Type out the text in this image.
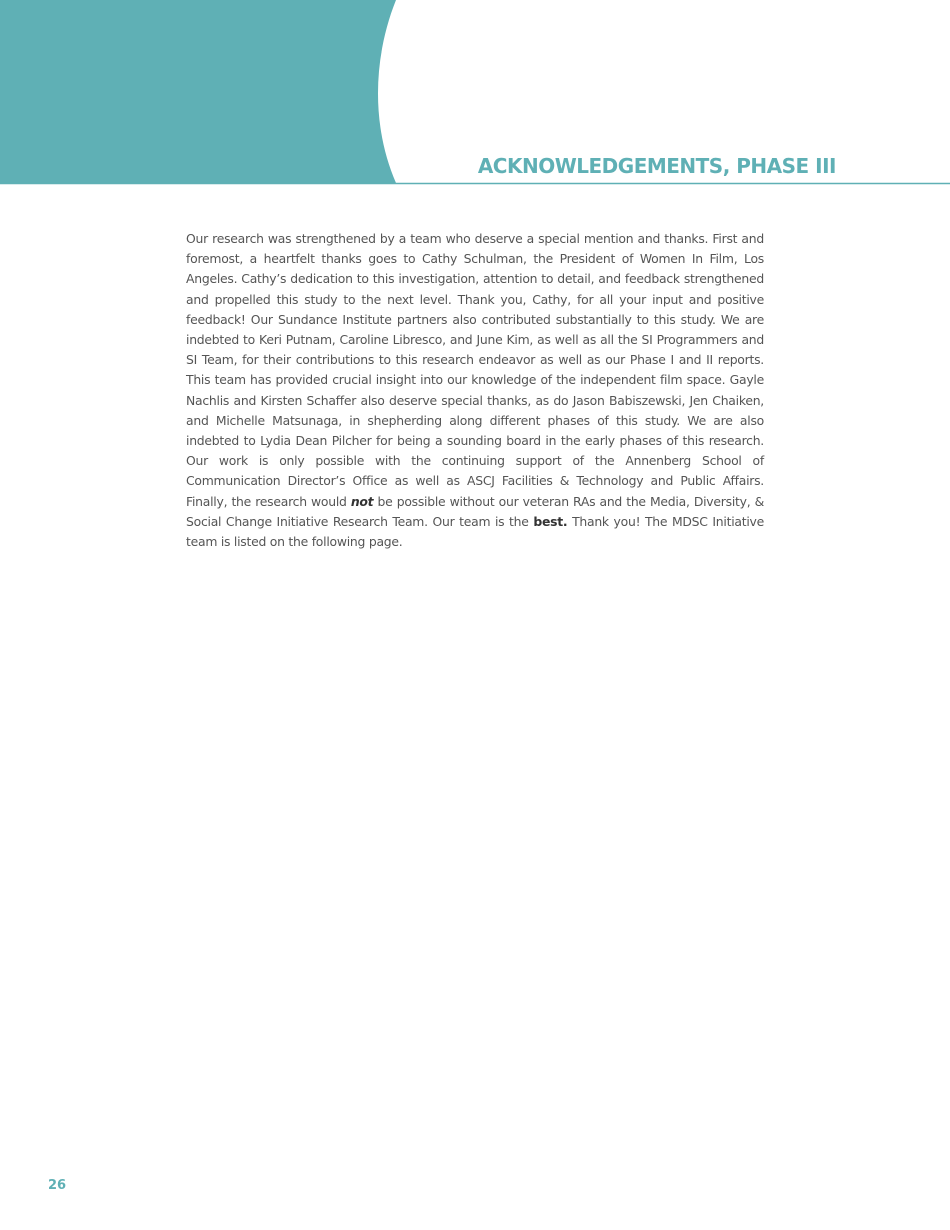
ACKNOWLEDGEMENTS, PHASE III

Our research was strengthened by a team who deserve a special mention and thanks. First and foremost, a heartfelt thanks goes to Cathy Schulman, the President of Women In Film, Los Angeles. Cathy’s dedication to this investigation, attention to detail, and feedback strengthened and propelled this study to the next level. Thank you, Cathy, for all your input and positive feedback! Our Sundance Institute partners also contributed substantially to this study. We are indebted to Keri Putnam, Caroline Libresco, and June Kim, as well as all the SI Programmers and SI Team, for their contributions to this research endeavor as well as our Phase I and II reports. This team has provided crucial insight into our knowledge of the independent film space. Gayle Nachlis and Kirsten Schaffer also deserve special thanks, as do Jason Babiszewski, Jen Chaiken, and Michelle Matsunaga, in shepherding along different phases of this study. We are also indebted to Lydia Dean Pilcher for being a sounding board in the early phases of this research. Our work is only possible with the continuing support of the Annenberg School of Communication Director’s Office as well as ASCJ Facilities & Technology and Public Affairs. Finally, the research would not be possible without our veteran RAs and the Media, Diversity, & Social Change Initiative Research Team. Our team is the best. Thank you! The MDSC Initiative team is listed on the following page.

26
